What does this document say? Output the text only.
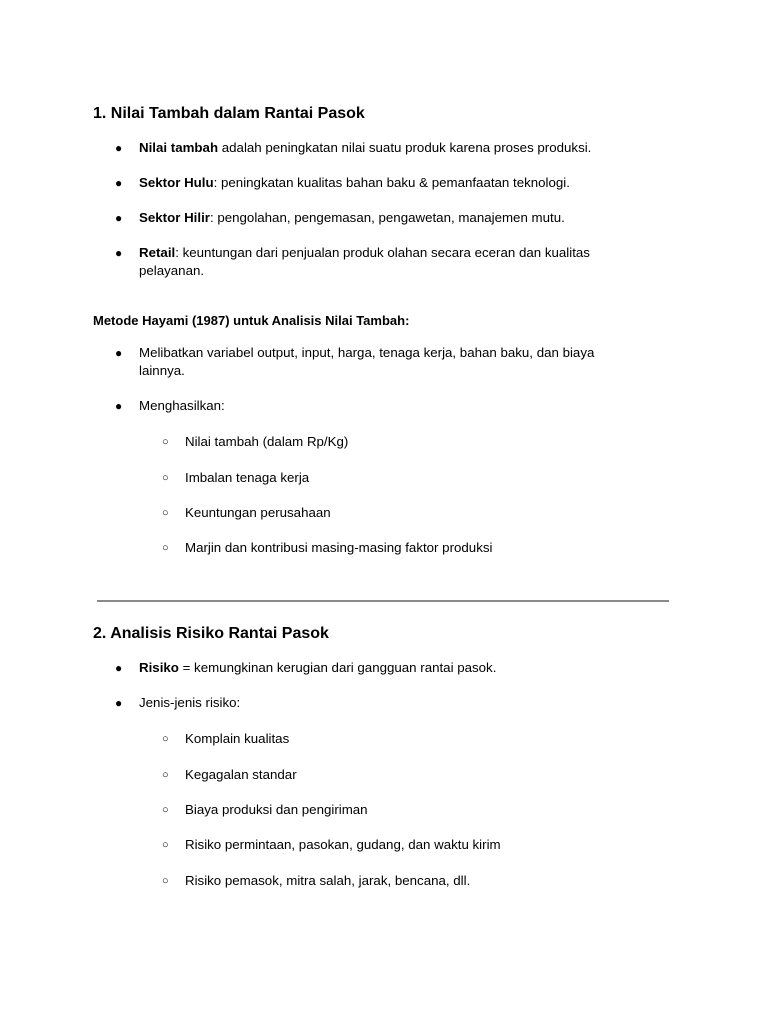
1. Nilai Tambah dalam Rantai Pasok
● Nilai tambah adalah peningkatan nilai suatu produk karena proses produksi.
● Sektor Hulu: peningkatan kualitas bahan baku & pemanfaatan teknologi.
● Sektor Hilir: pengolahan, pengemasan, pengawetan, manajemen mutu.
● Retail: keuntungan dari penjualan produk olahan secara eceran dan kualitas pelayanan.
Metode Hayami (1987) untuk Analisis Nilai Tambah:
● Melibatkan variabel output, input, harga, tenaga kerja, bahan baku, dan biaya lainnya.
● Menghasilkan:
○ Nilai tambah (dalam Rp/Kg)
○ Imbalan tenaga kerja
○ Keuntungan perusahaan
○ Marjin dan kontribusi masing-masing faktor produksi
2. Analisis Risiko Rantai Pasok
● Risiko = kemungkinan kerugian dari gangguan rantai pasok.
● Jenis-jenis risiko:
○ Komplain kualitas
○ Kegagalan standar
○ Biaya produksi dan pengiriman
○ Risiko permintaan, pasokan, gudang, dan waktu kirim
○ Risiko pemasok, mitra salah, jarak, bencana, dll.
